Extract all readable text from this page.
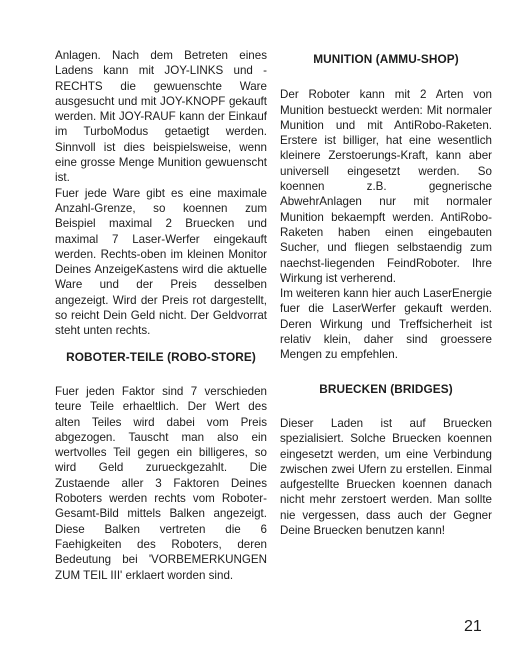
Anlagen. Nach dem Betreten eines Ladens kann mit JOY-LINKS und -RECHTS die gewuenschte Ware ausgesucht und mit JOY-KNOPF gekauft werden. Mit JOY-RAUF kann der Einkauf im TurboModus getaetigt werden. Sinnvoll ist dies beispielsweise, wenn eine grosse Menge Munition gewuenscht ist.

Fuer jede Ware gibt es eine maximale Anzahl-Grenze, so koennen zum Beispiel maximal 2 Bruecken und maximal 7 Laser-Werfer eingekauft werden. Rechts-oben im kleinen Monitor Deines AnzeigeKastens wird die aktuelle Ware und der Preis desselben angezeigt. Wird der Preis rot dargestellt, so reicht Dein Geld nicht. Der Geldvorrat steht unten rechts.

ROBOTER-TEILE (ROBO-STORE)

Fuer jeden Faktor sind 7 verschieden teure Teile erhaeltlich. Der Wert des alten Teiles wird dabei vom Preis abgezogen. Tauscht man also ein wertvolles Teil gegen ein billigeres, so wird Geld zurueckgezahlt. Die Zustaende aller 3 Faktoren Deines Roboters werden rechts vom Roboter-Gesamt-Bild mittels Balken angezeigt. Diese Balken vertreten die 6 Faehigkeiten des Roboters, deren Bedeutung bei 'VORBEMERKUNGEN ZUM TEIL III' erklaert worden sind.

MUNITION (AMMU-SHOP)

Der Roboter kann mit 2 Arten von Munition bestueckt werden: Mit normaler Munition und mit AntiRobo-Raketen. Erstere ist billiger, hat eine wesentlich kleinere Zerstoerungs-Kraft, kann aber universell eingesetzt werden. So koennen z.B. gegnerische AbwehrAnlagen nur mit normaler Munition bekaempft werden. AntiRobo-Raketen haben einen eingebauten Sucher, und fliegen selbstaendig zum naechst-liegenden FeindRoboter. Ihre Wirkung ist verherend.

Im weiteren kann hier auch LaserEnergie fuer die LaserWerfer gekauft werden. Deren Wirkung und Treffsicherheit ist relativ klein, daher sind groessere Mengen zu empfehlen.

BRUECKEN (BRIDGES)

Dieser Laden ist auf Bruecken spezialisiert. Solche Bruecken koennen eingesetzt werden, um eine Verbindung zwischen zwei Ufern zu erstellen. Einmal aufgestellte Bruecken koennen danach nicht mehr zerstoert werden. Man sollte nie vergessen, dass auch der Gegner Deine Bruecken benutzen kann!

21
